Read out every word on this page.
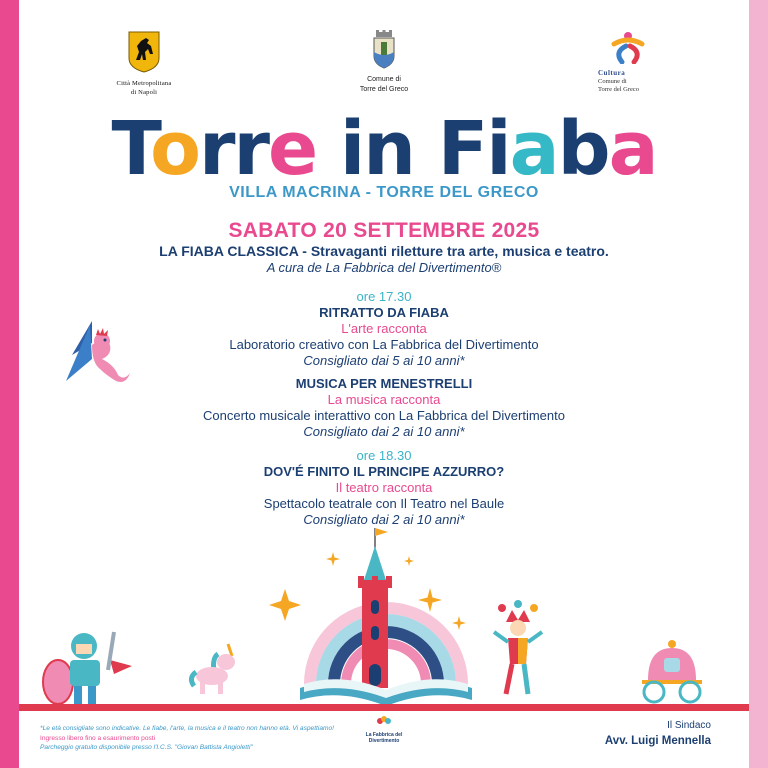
Città Metropolitana
di Napoli
Comune di
Torre del Greco
Cultura
Comune di
Torre del Greco
Torre in Fiaba
VILLA MACRINA - TORRE DEL GRECO
SABATO 20 SETTEMBRE 2025
LA FIABA CLASSICA - Stravaganti riletture tra arte, musica e teatro.
A cura de La Fabbrica del Divertimento®
ore 17.30
RITRATTO DA FIABA
L'arte racconta
Laboratorio creativo con La Fabbrica del Divertimento
Consigliato dai 5 ai 10 anni*
MUSICA PER MENESTRELLI
La musica racconta
Concerto musicale interattivo con La Fabbrica del Divertimento
Consigliato dai 2 ai 10 anni*
ore 18.30
DOV'É FINITO IL PRINCIPE AZZURRO?
Il teatro racconta
Spettacolo teatrale con Il Teatro nel Baule
Consigliato dai 2 ai 10 anni*
*Le età consigliate sono indicative. Le fiabe, l'arte, la musica e il teatro non hanno età. Vi aspettiamo!
Ingresso libero fino a esaurimento posti
Parcheggio gratuito disponibile presso l'I.C.S. "Giovan Battista Angioletti"
La Fabbrica del Divertimento
Il Sindaco
Avv. Luigi Mennella
